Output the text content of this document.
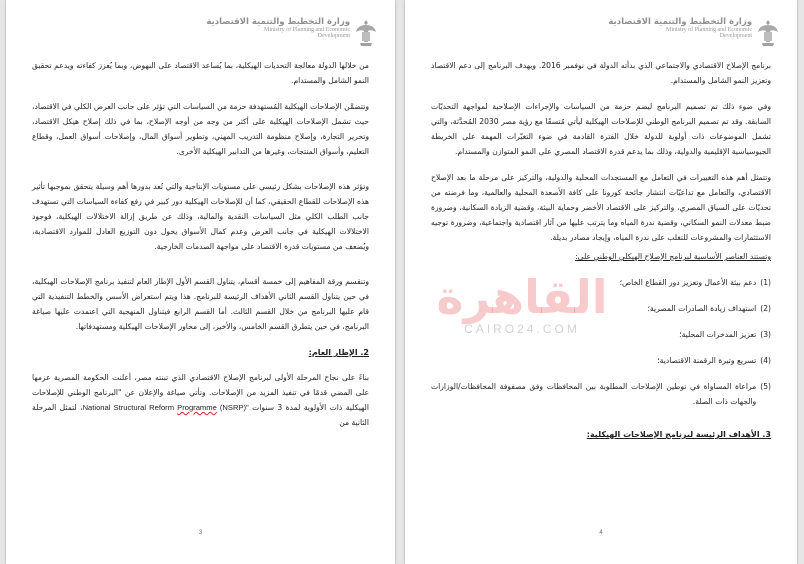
وزارة التخطيط والتنمية الاقتصادية
Ministry of Planning and Economic
Development

من خلالها الدولة معالجة التحديات الهيكلية، بما يُساعد الاقتصاد على النهوض، وبما يُعزز كفاءته ويدعم تحقيق النمو الشامل والمستدام.

وتتضمَّن الإصلاحات الهيكلية المُستهدفة حزمة من السياسات التي تؤثر على جانب العرض الكلي في الاقتصاد، حيث تشمل الإصلاحات الهيكلية على أكثر من وجه من أوجه الإصلاح، بما في ذلك إصلاح هيكل الاقتصاد، وتحرير التجارة، وإصلاح منظومة التدريب المهني، وتطوير أسواق المال، وإصلاحات أسواق العمل، وقطاع التعليم، وأسواق المنتجات، وغيرها من التدابير الهيكلية الأخرى.

وتؤثر هذه الإصلاحات بشكل رئيسي على مستويات الإنتاجية والتي تُعد بدورها أهم وسيلة يتحقق بموجبها تأثير هذه الإصلاحات للقطاع الحقيقي، كما أن للإصلاحات الهيكلية دور كبير في رفع كفاءة السياسات التي تستهدف جانب الطلب الكلي مثل السياسات النقدية والمالية، وذلك عن طريق إزالة الاختلالات الهيكلية، فوجود الاختلالات الهيكلية في جانب العرض وعدم كمال الأسواق يحول دون التوزيع العادل للموارد الاقتصادية، ويُضعف من مستويات قدرة الاقتصاد على مواجهة الصدمات الخارجية.

وتنقسم ورقة المفاهيم إلى خمسة أقسام، يتناول القسم الأول الإطار العام لتنفيذ برنامج الإصلاحات الهيكلية، في حين يتناول القسم الثاني الأهداف الرئيسة للبرنامج. هذا ويتم استعراض الأسس والخطط التنفيذية التي قام عليها البرنامج من خلال القسم الثالث. أما القسم الرابع فيتناول المنهجية التي اعتمدت عليها صياغة البرنامج، في حين يتطرق القسم الخامس، والأخير، إلى محاور الإصلاحات الهيكلية ومستهدفاتها.

2. الإطار العام:

بناءً على نجاح المرحلة الأولى لبرنامج الإصلاح الاقتصادي الذي تبنته مصر، أعلنت الحكومة المصرية عزمها على المضي قدمًا في تنفيذ المزيد من الإصلاحات. وتأتي صياغة والإعلان عن "البرنامج الوطني للإصلاحات الهيكلية ذات الأولوية لمدة 3 سنوات National Structural Reform Programme (NSRP)"، لتمثل المرحلة الثانية من

3
وزارة التخطيط والتنمية الاقتصادية
Ministry of Planning and Economic
Development

برنامج الإصلاح الاقتصادي والاجتماعي الذي بدأته الدولة في نوفمبر 2016. ويهدف البرنامج إلى دعم الاقتصاد وتعزيز النمو الشامل والمستدام.

وفي ضوء ذلك تم تصميم البرنامج ليضم حزمة من السياسات والإجراءات الإصلاحية لمواجهة التحديّات السابقة. وقد تم تصميم البرنامج الوطني للإصلاحات الهيكلية ليأتي مُتسقًا مع رؤية مصر 2030 المُحدَّثة، والتي تشمل الموضوعات ذات أولوية للدولة خلال الفترة القادمة في ضوء التغيّرات المهمة على الخريطة الجيوسياسية الإقليمية والدولية، وذلك بما يدعم قدرة الاقتصاد المصري على النمو المتوازن والمستدام.

وتتمثل أهم هذه التغييرات في التعامل مع المستجدات المحلية والدولية، والتركيز على مرحلة ما بعد الإصلاح الاقتصادي، والتعامل مع تداعيّات انتشار جائحة كورونا على كافة الأصعدة المحلية والعالمية، وما فرضته من تحديّات على السياق المصري، والتركيز على الاقتصاد الأخضر وحماية البيئة، وقضية الزيادة السكانية، وضرورة ضبط معدلات النمو السكاني، وقضية ندرة المياه وما يترتب عليها من آثار اقتصادية واجتماعية، وضرورة توجيه الاستثمارات والمشروعات للتغلب على ندرة المياه، وإيجاد مصادر بديلة.

وتستند العناصر الأساسية لبرنامج الإصلاح الهيكلي الوطني على:

(1)
دعم بيئة الأعمال وتعزيز دور القطاع الخاص؛
(2)
استهداف زيادة الصادرات المصرية؛
(3)
تعزيز المدخرات المحلية؛
(4)
تسريع وتيرة الرقمنة الاقتصادية؛
(5)
مراعاة المساواة في توطين الإصلاحات المطلوبة بين المحافظات وفق مصفوفة المحافظات/الوزارات والجهات ذات الصلة.
3. الأهداف الرئيسة لبرنامج الإصلاحات الهيكلية:
4
القاهرة
CAIRO24.COM
